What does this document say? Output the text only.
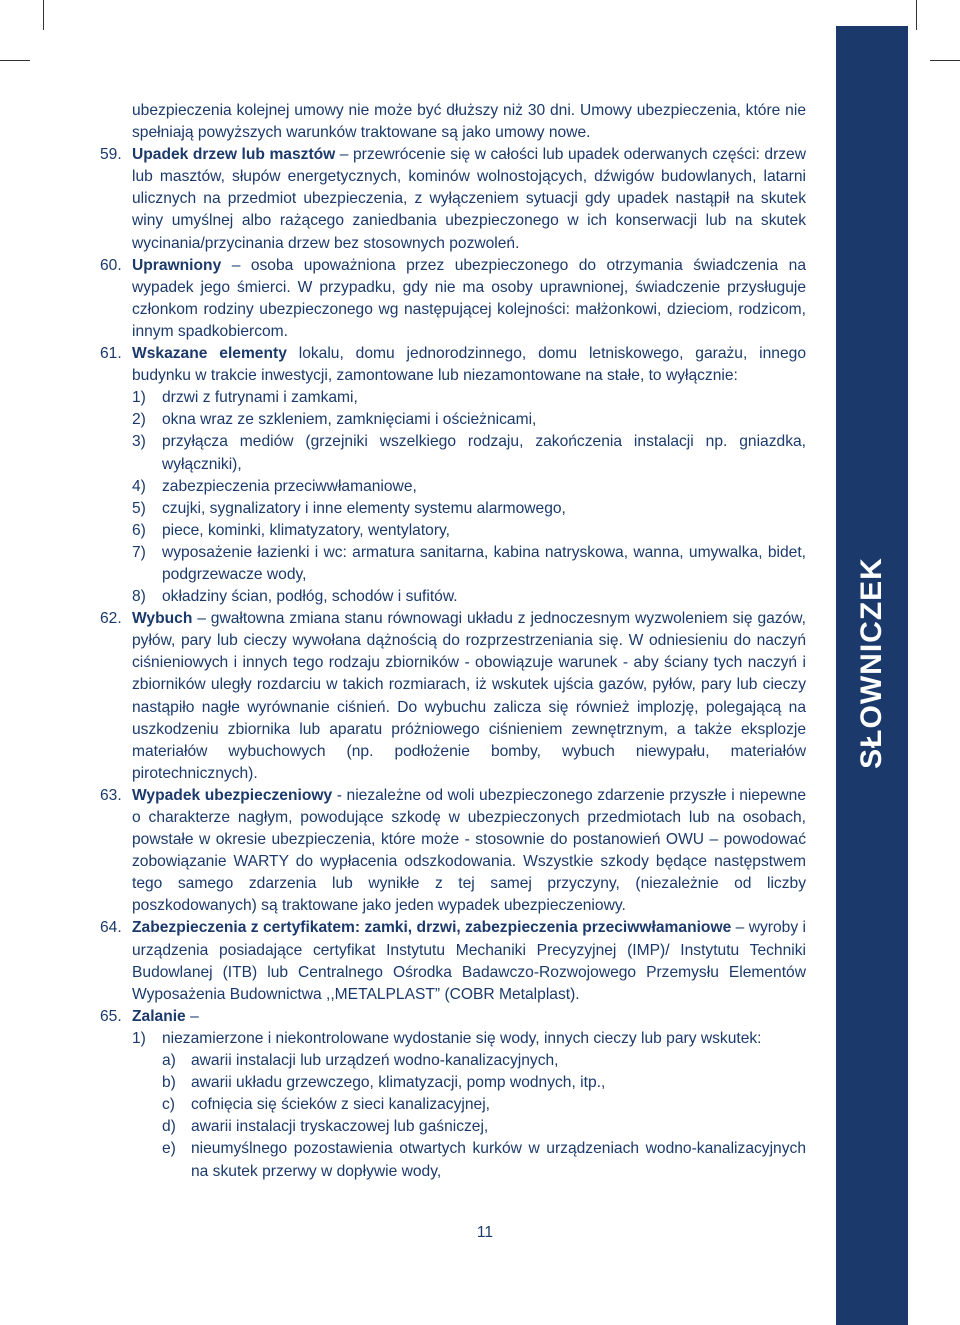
SŁOWNICZEK

ubezpieczenia kolejnej umowy nie może być dłuższy niż 30 dni. Umowy ubezpieczenia, które nie spełniają powyższych warunków traktowane są jako umowy nowe.

59. Upadek drzew lub masztów – przewrócenie się w całości lub upadek oderwanych części: drzew lub masztów, słupów energetycznych, kominów wolnostojących, dźwigów budowlanych, latarni ulicznych na przedmiot ubezpieczenia, z wyłączeniem sytuacji gdy upadek nastąpił na skutek winy umyślnej albo rażącego zaniedbania ubezpieczonego w ich konserwacji lub na skutek wycinania/przycinania drzew bez stosownych pozwoleń.
60. Uprawniony – osoba upoważniona przez ubezpieczonego do otrzymania świadczenia na wypadek jego śmierci. W przypadku, gdy nie ma osoby uprawnionej, świadczenie przysługuje członkom rodziny ubezpieczonego wg następującej kolejności: małżonkowi, dzieciom, rodzicom, innym spadkobiercom.
61. Wskazane elementy lokalu, domu jednorodzinnego, domu letniskowego, garażu, innego budynku w trakcie inwestycji, zamontowane lub niezamontowane na stałe, to wyłącznie:
1) drzwi z futrynami i zamkami,
2) okna wraz ze szkleniem, zamknięciami i ościeżnicami,
3) przyłącza mediów (grzejniki wszelkiego rodzaju, zakończenia instalacji np. gniazdka, wyłączniki),
4) zabezpieczenia przeciwwłamaniowe,
5) czujki, sygnalizatory i inne elementy systemu alarmowego,
6) piece, kominki, klimatyzatory, wentylatory,
7) wyposażenie łazienki i wc: armatura sanitarna, kabina natryskowa, wanna, umywalka, bidet, podgrzewacze wody,
8) okładziny ścian, podłóg, schodów i sufitów.
62. Wybuch – gwałtowna zmiana stanu równowagi układu z jednoczesnym wyzwoleniem się gazów, pyłów, pary lub cieczy wywołana dążnością do rozprzestrzeniania się. W odniesieniu do naczyń ciśnieniowych i innych tego rodzaju zbiorników - obowiązuje warunek - aby ściany tych naczyń i zbiorników uległy rozdarciu w takich rozmiarach, iż wskutek ujścia gazów, pyłów, pary lub cieczy nastąpiło nagłe wyrównanie ciśnień. Do wybuchu zalicza się również implozję, polegającą na uszkodzeniu zbiornika lub aparatu próżniowego ciśnieniem zewnętrznym, a także eksplozje materiałów wybuchowych (np. podłożenie bomby, wybuch niewypału, materiałów pirotechnicznych).
63. Wypadek ubezpieczeniowy - niezależne od woli ubezpieczonego zdarzenie przyszłe i niepewne o charakterze nagłym, powodujące szkodę w ubezpieczonych przedmiotach lub na osobach, powstałe w okresie ubezpieczenia, które może - stosownie do postanowień OWU – powodować zobowiązanie WARTY do wypłacenia odszkodowania. Wszystkie szkody będące następstwem tego samego zdarzenia lub wynikłe z tej samej przyczyny, (niezależnie od liczby poszkodowanych) są traktowane jako jeden wypadek ubezpieczeniowy.
64. Zabezpieczenia z certyfikatem: zamki, drzwi, zabezpieczenia przeciwwłamaniowe – wyroby i urządzenia posiadające certyfikat Instytutu Mechaniki Precyzyjnej (IMP)/ Instytutu Techniki Budowlanej (ITB) lub Centralnego Ośrodka Badawczo-Rozwojowego Przemysłu Elementów Wyposażenia Budownictwa ,,METALPLAST” (COBR Metalplast).
65. Zalanie –
1) niezamierzone i niekontrolowane wydostanie się wody, innych cieczy lub pary wskutek:
a) awarii instalacji lub urządzeń wodno-kanalizacyjnych,
b) awarii układu grzewczego, klimatyzacji, pomp wodnych, itp.,
c) cofnięcia się ścieków z sieci kanalizacyjnej,
d) awarii instalacji tryskaczowej lub gaśniczej,
e) nieumyślnego pozostawienia otwartych kurków w urządzeniach wodno-kanalizacyjnych na skutek przerwy w dopływie wody,
11
